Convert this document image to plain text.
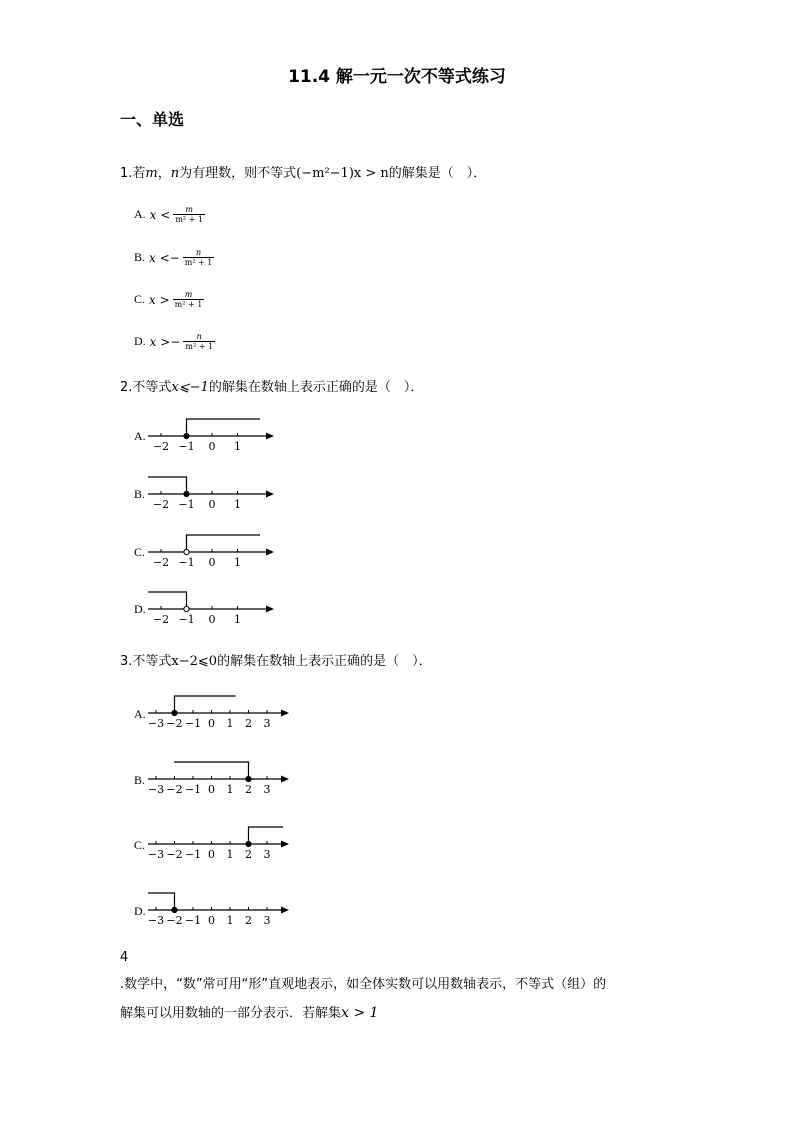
11.4 解一元一次不等式练习
一、单选
1.若m，n为有理数，则不等式(−m²−1)x > n的解集是（　）．
A. $x < \frac{m}{\text{m² + 1}}$
B. x < − $\frac{n}{\text{m² + 1}}$
C. $x > \frac{m}{\text{m² + 1}}$
D. x > − $\frac{n}{\text{m² + 1}}$
2.不等式x⩽−1的解集在数轴上表示正确的是（　）．
A.
−2 −1 0 1
B.
−2 −1 0 1
C.
−2 −1 0 1
D.
−2 −1 0 1
3.不等式x−2⩽0的解集在数轴上表示正确的是（　）．
A.
−3 −2 −1 0 1 2 3
B.
−3 −2 −1 0 1 2 3
C.
−3 −2 −1 0 1 2 3
D.
−3 −2 −1 0 1 2 3
4
.数学中，“数”常可用“形”直观地表示，如全体实数可以用数轴表示，不等式（组）的
解集可以用数轴的一部分表示．若解集x > 1
